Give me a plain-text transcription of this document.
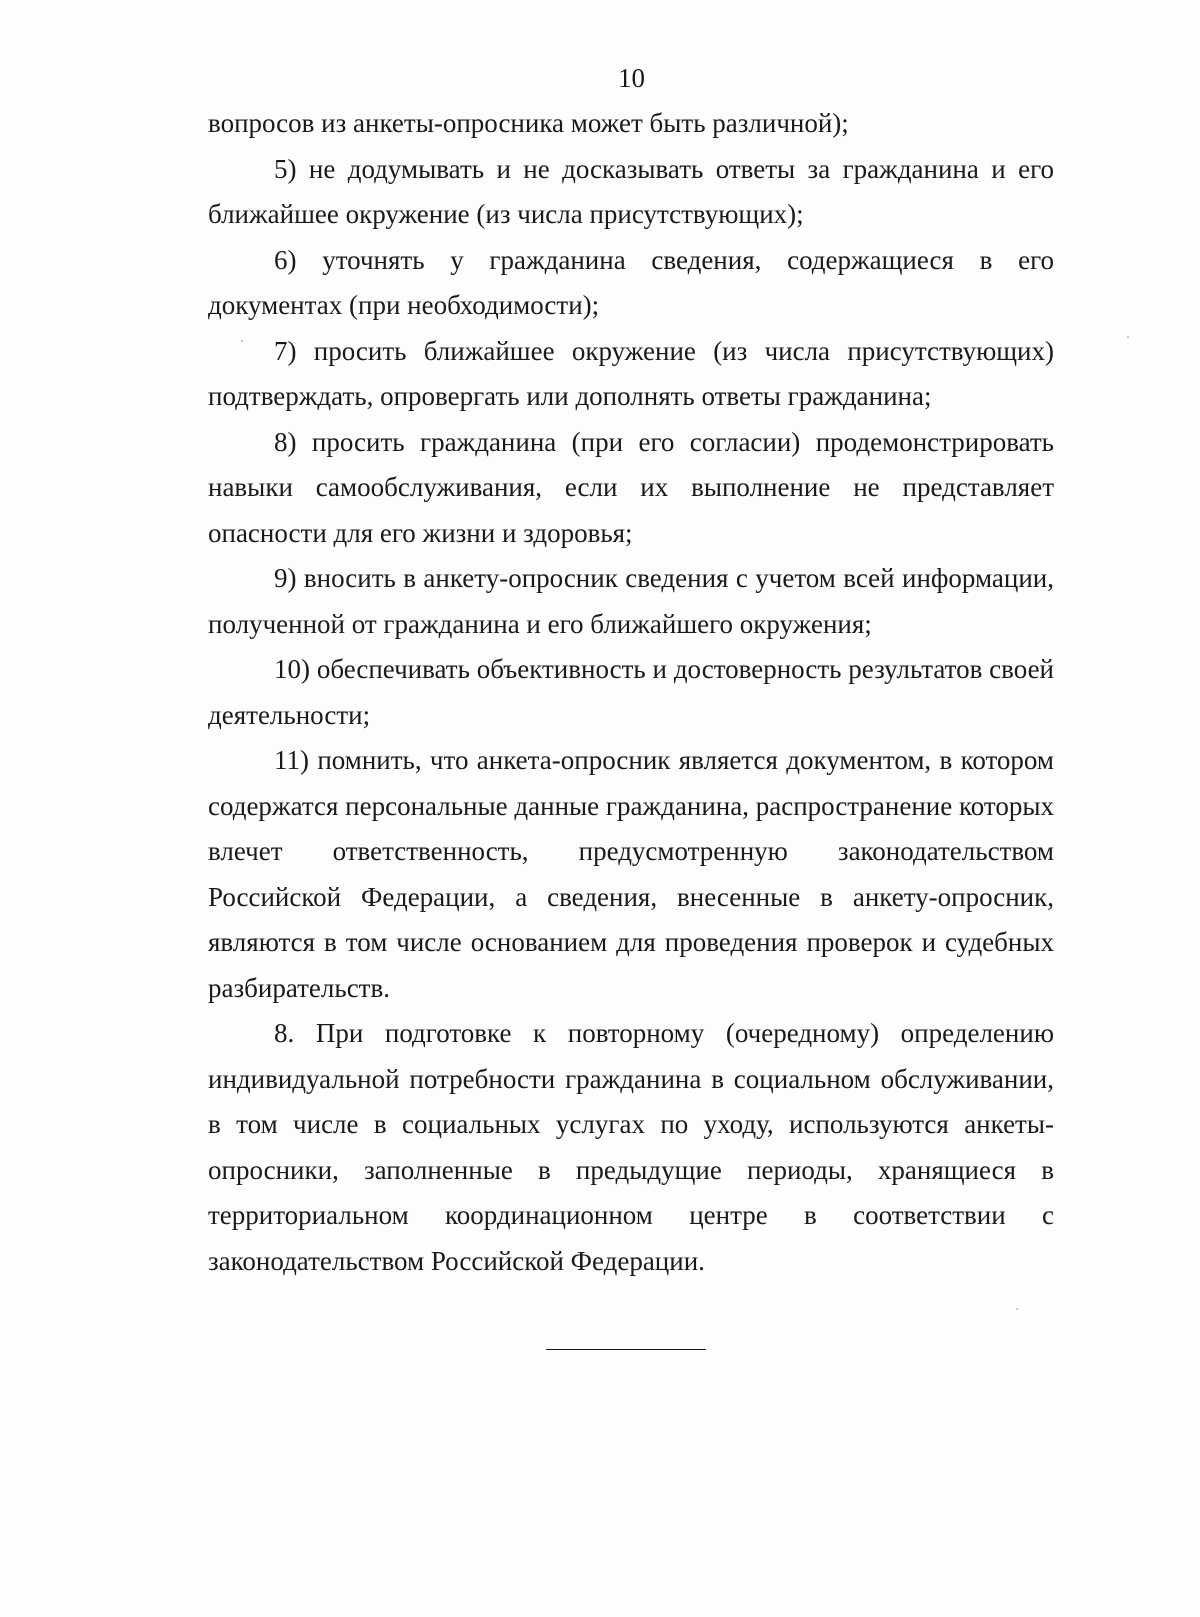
10

вопросов из анкеты-опросника может быть различной);

5) не додумывать и не досказывать ответы за гражданина и его ближайшее окружение (из числа присутствующих);

6) уточнять у гражданина сведения, содержащиеся в его документах (при необходимости);

7) просить ближайшее окружение (из числа присутствующих) подтверждать, опровергать или дополнять ответы гражданина;

8) просить гражданина (при его согласии) продемонстрировать навыки самообслуживания, если их выполнение не представляет опасности для его жизни и здоровья;

9) вносить в анкету-опросник сведения с учетом всей информации, полученной от гражданина и его ближайшего окружения;

10) обеспечивать объективность и достоверность результатов своей деятельности;

11) помнить, что анкета-опросник является документом, в котором содержатся персональные данные гражданина, распространение которых влечет ответственность, предусмотренную законодательством Российской Федерации, а сведения, внесенные в анкету-опросник, являются в том числе основанием для проведения проверок и судебных разбирательств.

8. При подготовке к повторному (очередному) определению индивидуальной потребности гражданина в социальном обслуживании, в том числе в социальных услугах по уходу, используются анкеты-опросники, заполненные в предыдущие периоды, хранящиеся в территориальном координационном центре в соответствии с законодательством Российской Федерации.
